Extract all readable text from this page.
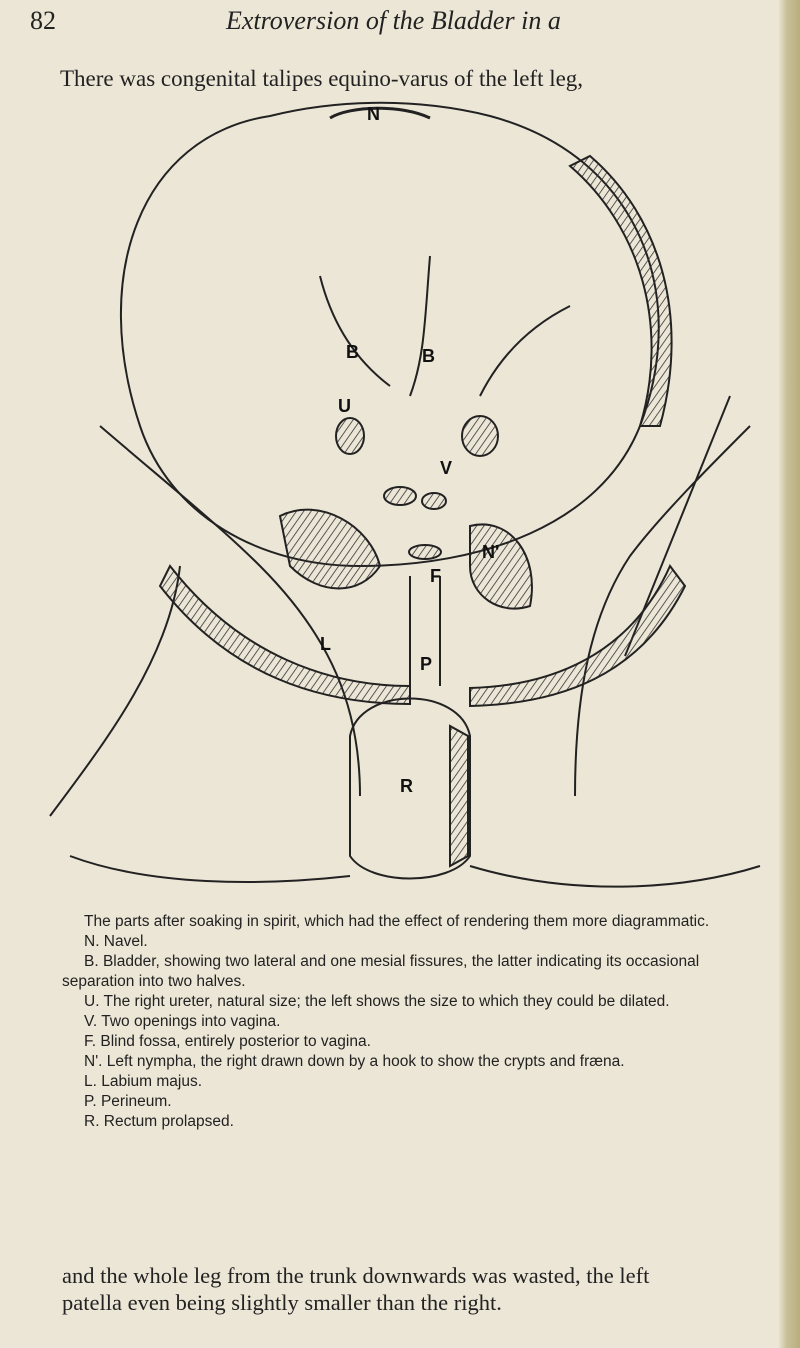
82	Extroversion of the Bladder in a
There was congenital talipes equino-varus of the left leg,
N
B	B
U
V
F
N'
L
P
R

The parts after soaking in spirit, which had the effect of rendering them more diagrammatic.

N. Navel.

B. Bladder, showing two lateral and one mesial fissures, the latter indicating its occasional separation into two halves.

U. The right ureter, natural size; the left shows the size to which they could be dilated.

V. Two openings into vagina.

F. Blind fossa, entirely posterior to vagina.

N'. Left nympha, the right drawn down by a hook to show the crypts and fræna.

L. Labium majus.

P. Perineum.

R. Rectum prolapsed.

and the whole leg from the trunk downwards was wasted, the left

patella even being slightly smaller than the right.
